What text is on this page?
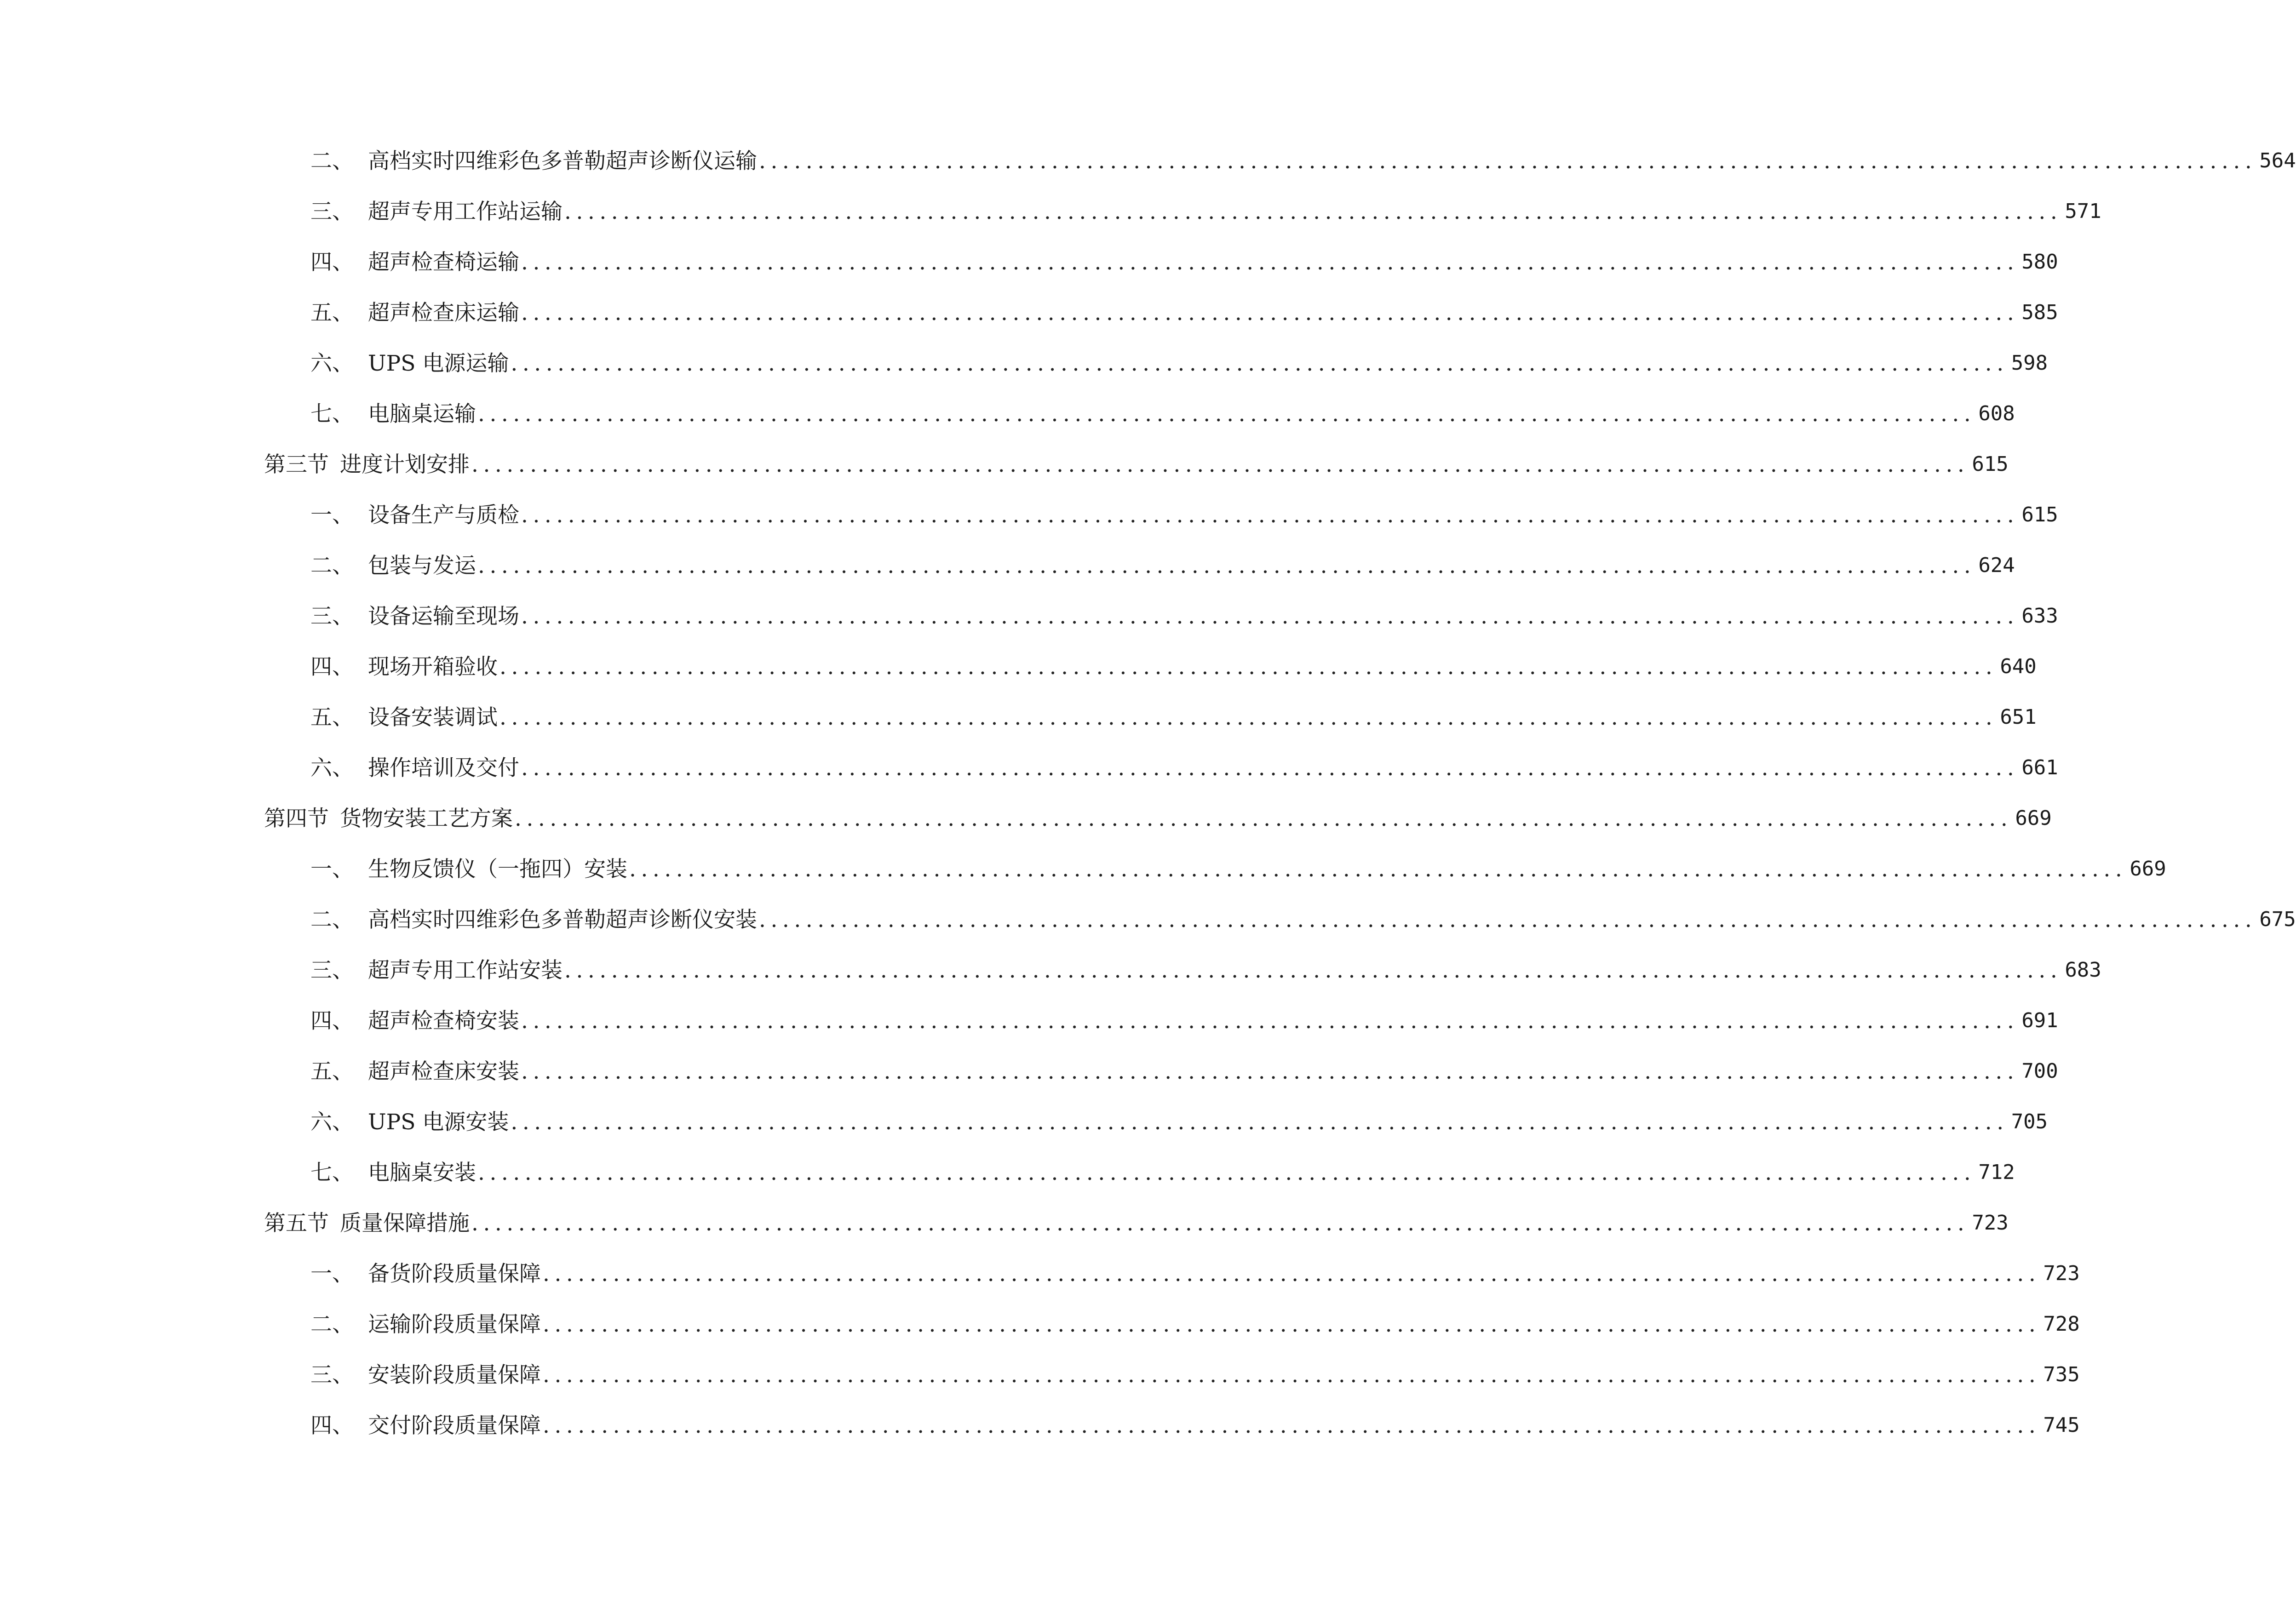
二、 高档实时四维彩色多普勒超声诊断仪运输 ................................................................................................................................ 564
三、 超声专用工作站运输 ................................................................................................................................ 571
四、 超声检查椅运输 ................................................................................................................................ 580
五、 超声检查床运输 ................................................................................................................................ 585
六、 UPS 电源运输 ................................................................................................................................ 598
七、 电脑桌运输 ................................................................................................................................ 608
第三节 进度计划安排 ................................................................................................................................ 615
一、 设备生产与质检 ................................................................................................................................ 615
二、 包装与发运 ................................................................................................................................ 624
三、 设备运输至现场 ................................................................................................................................ 633
四、 现场开箱验收 ................................................................................................................................ 640
五、 设备安装调试 ................................................................................................................................ 651
六、 操作培训及交付 ................................................................................................................................ 661
第四节 货物安装工艺方案 ................................................................................................................................ 669
一、 生物反馈仪（一拖四）安装 ................................................................................................................................ 669
二、 高档实时四维彩色多普勒超声诊断仪安装 ................................................................................................................................ 675
三、 超声专用工作站安装 ................................................................................................................................ 683
四、 超声检查椅安装 ................................................................................................................................ 691
五、 超声检查床安装 ................................................................................................................................ 700
六、 UPS 电源安装 ................................................................................................................................ 705
七、 电脑桌安装 ................................................................................................................................ 712
第五节 质量保障措施 ................................................................................................................................ 723
一、 备货阶段质量保障 ................................................................................................................................ 723
二、 运输阶段质量保障 ................................................................................................................................ 728
三、 安装阶段质量保障 ................................................................................................................................ 735
四、 交付阶段质量保障 ................................................................................................................................ 745
